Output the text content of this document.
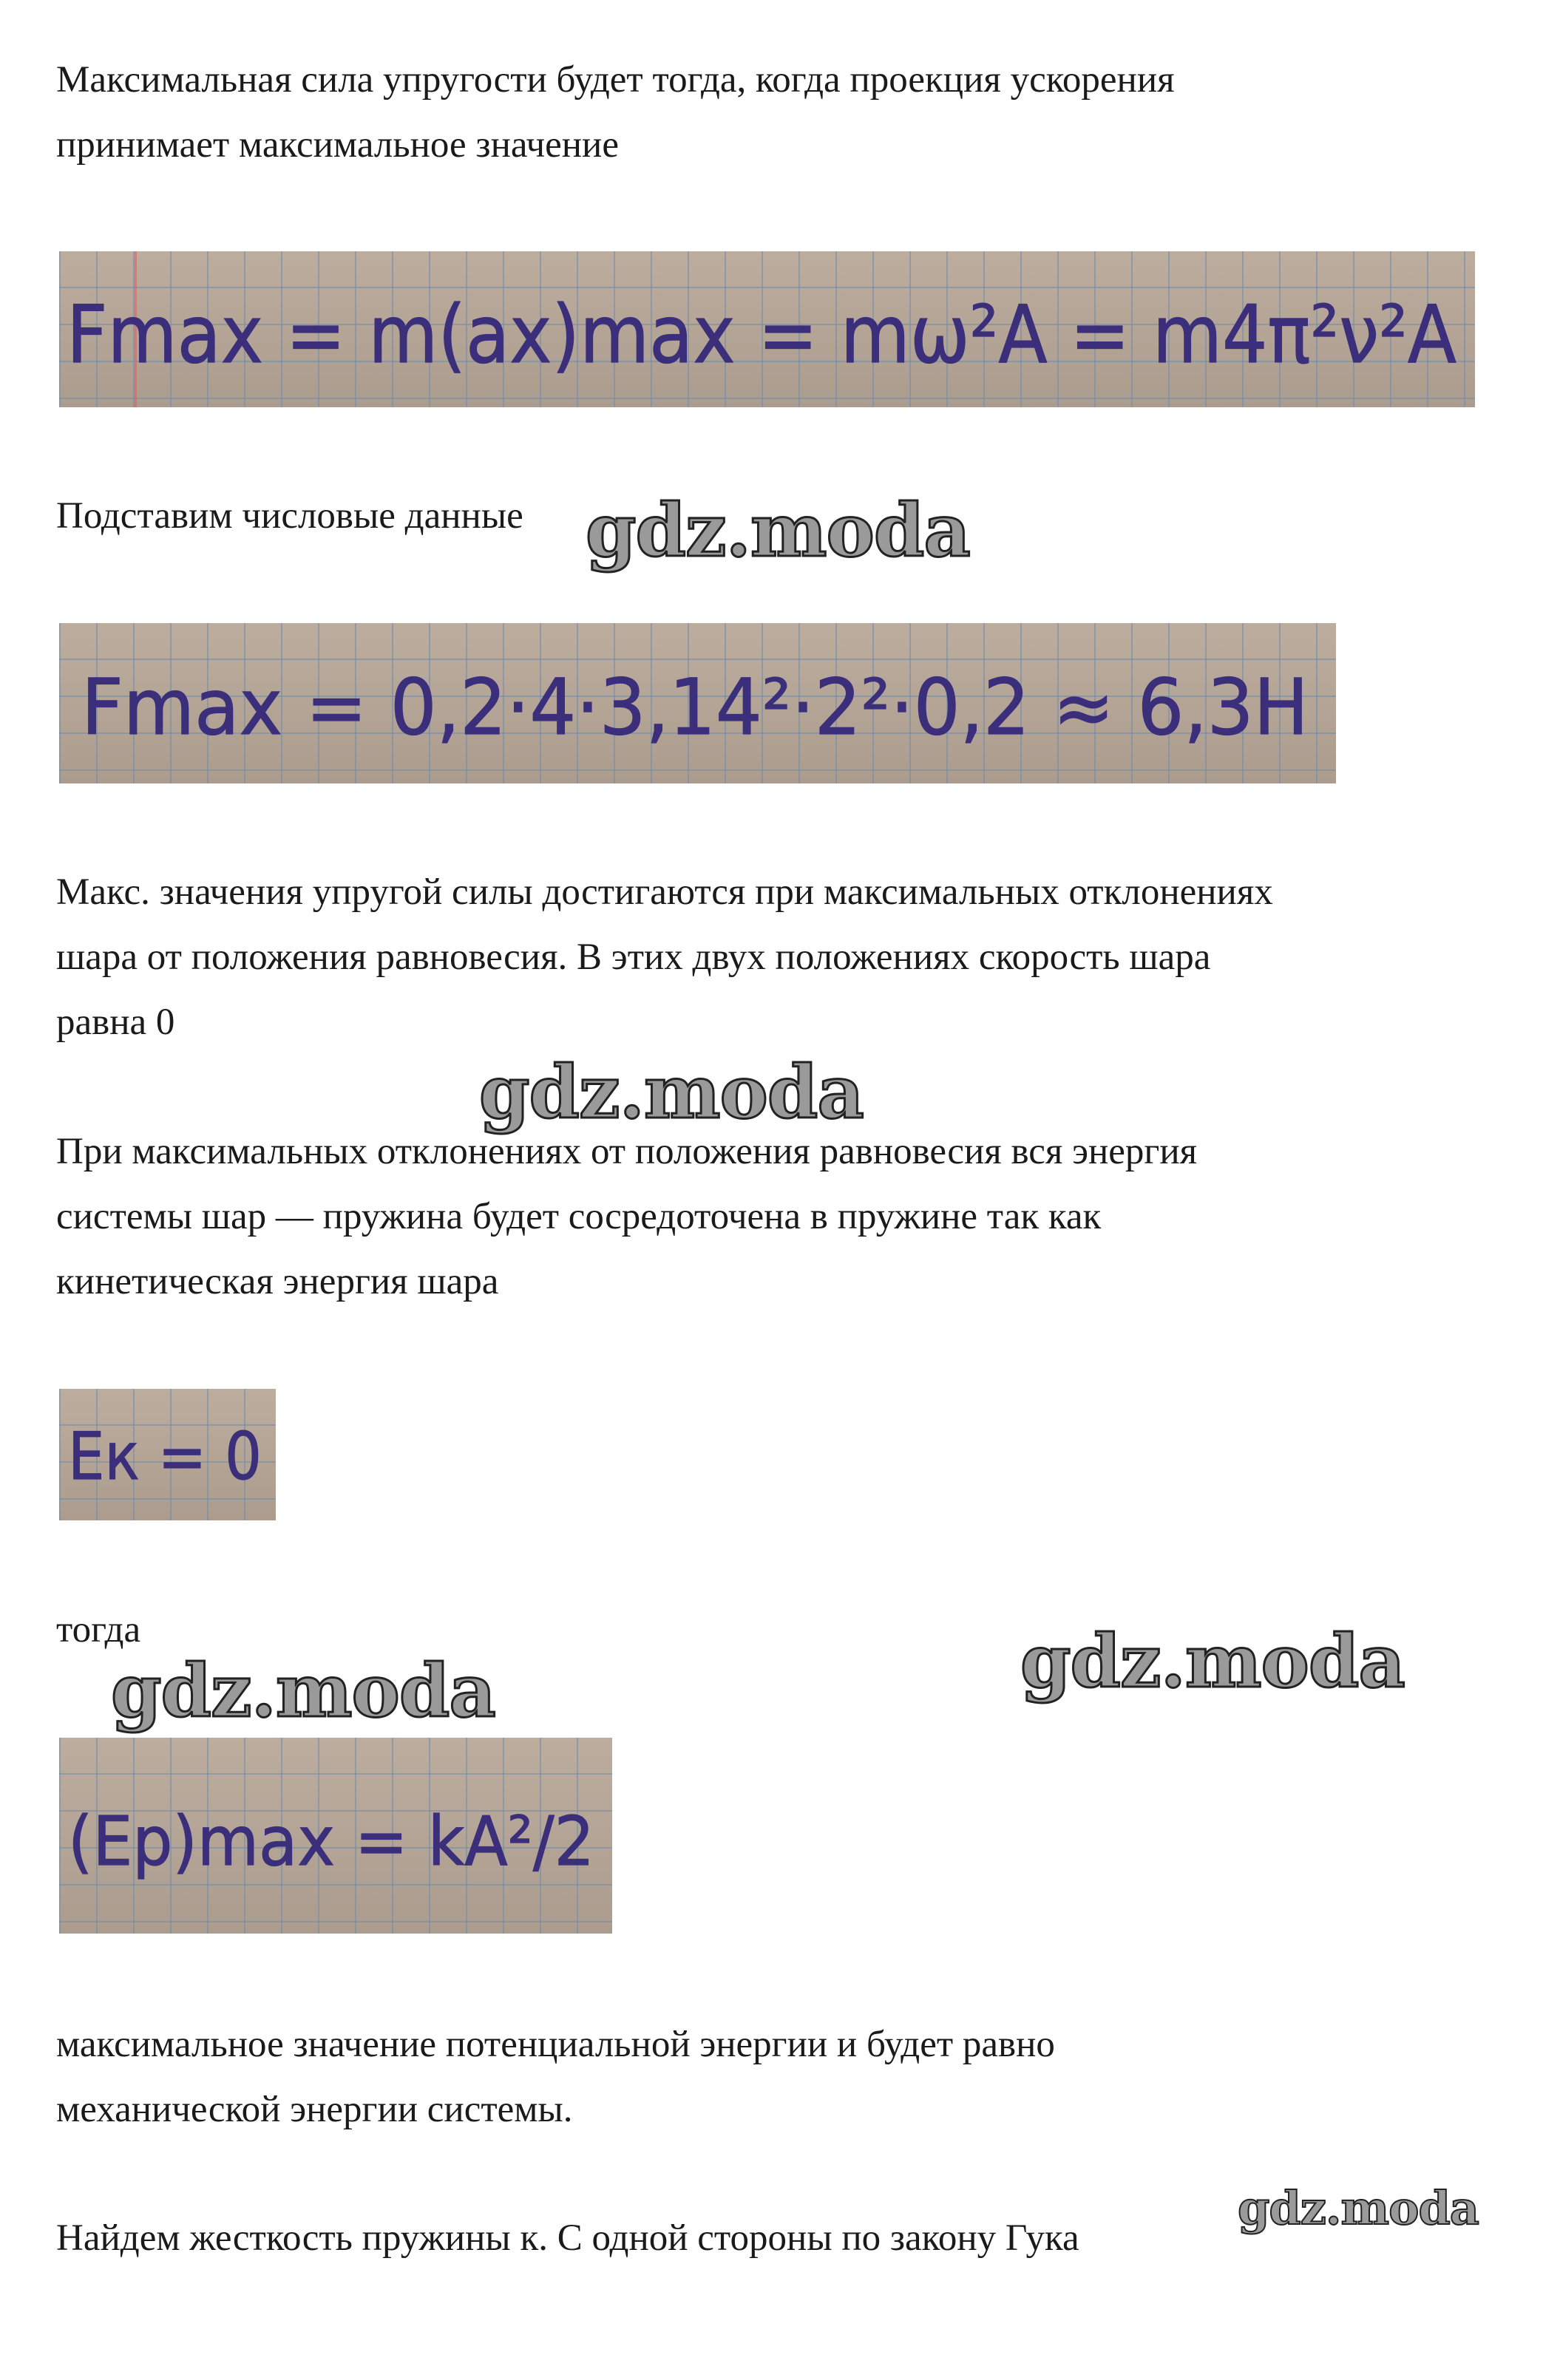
Максимальная сила упругости будет тогда, когда проекция ускорения

принимает максимальное значение

Fmax = m(ax)max = mω²A = m4π²ν²A

Подставим числовые данные

Fmax = 0,2·4·3,14²·2²·0,2 ≈ 6,3Н

Макс. значения упругой силы достигаются при максимальных отклонениях

шара от положения равновесия. В этих двух положениях скорость шара

равна 0

При максимальных отклонениях от положения равновесия вся энергия

системы шар — пружина будет сосредоточена в пружине так как

кинетическая энергия шара

Eк = 0

тогда

(Ep)max = kA²/2

максимальное значение потенциальной энергии и будет равно

механической энергии системы.

Найдем жесткость пружины к. С одной стороны по закону Гука

gdz.moda
gdz.moda
gdz.moda
gdz.moda
gdz.moda
